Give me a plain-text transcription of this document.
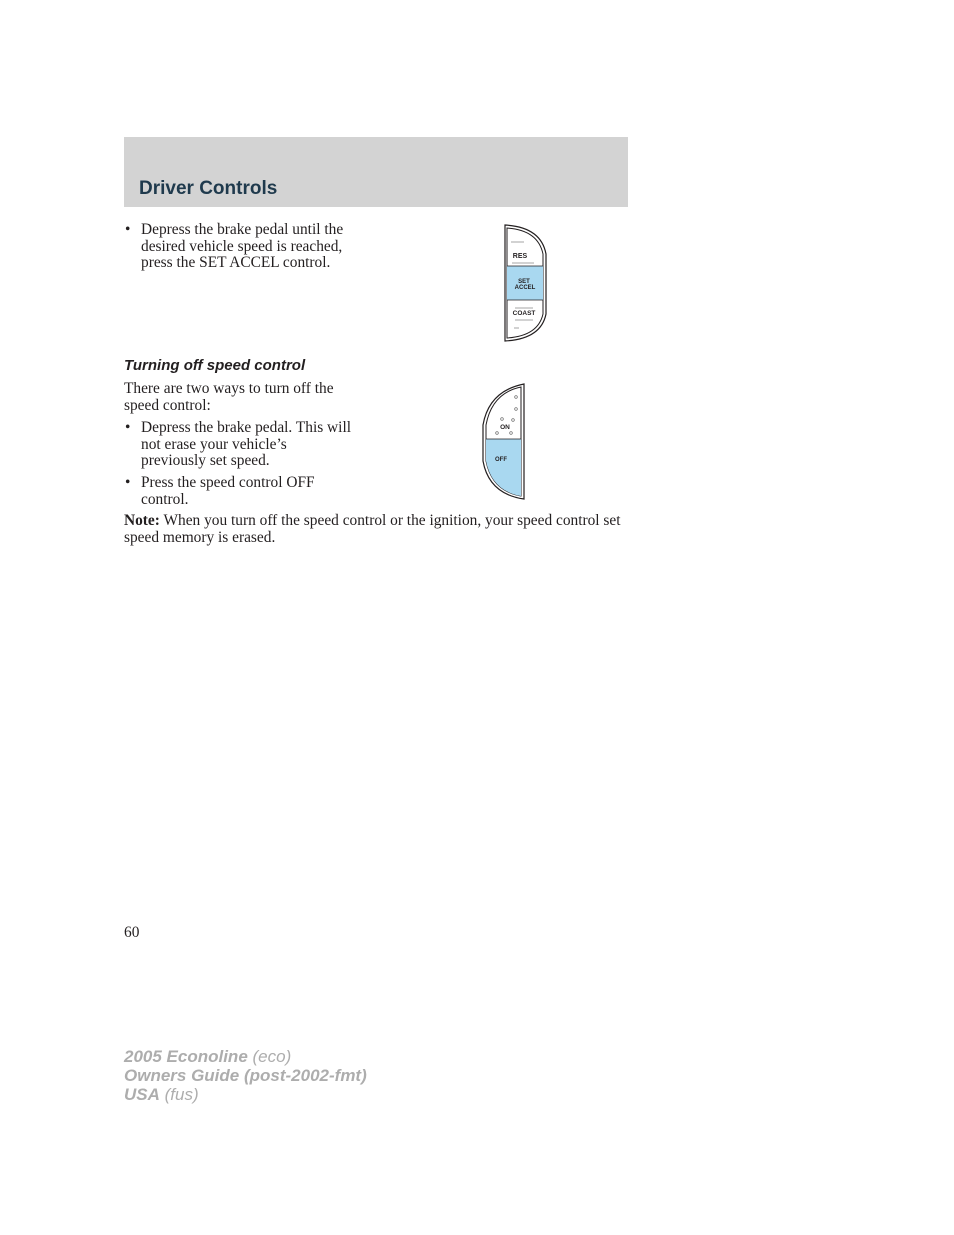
Driver Controls
• Depress the brake pedal until the
desired vehicle speed is reached,
press the SET ACCEL control.	RES
SET
ACCEL
COAST
Turning off speed control
There are two ways to turn off the
speed control:
• Depress the brake pedal. This will
not erase your vehicle’s
previously set speed.
• Press the speed control OFF
control.
ON
OFF
Note: When you turn off the speed control or the ignition, your speed control set speed memory is erased.
60
2005 Econoline (eco)
Owners Guide (post-2002-fmt)
USA (fus)
